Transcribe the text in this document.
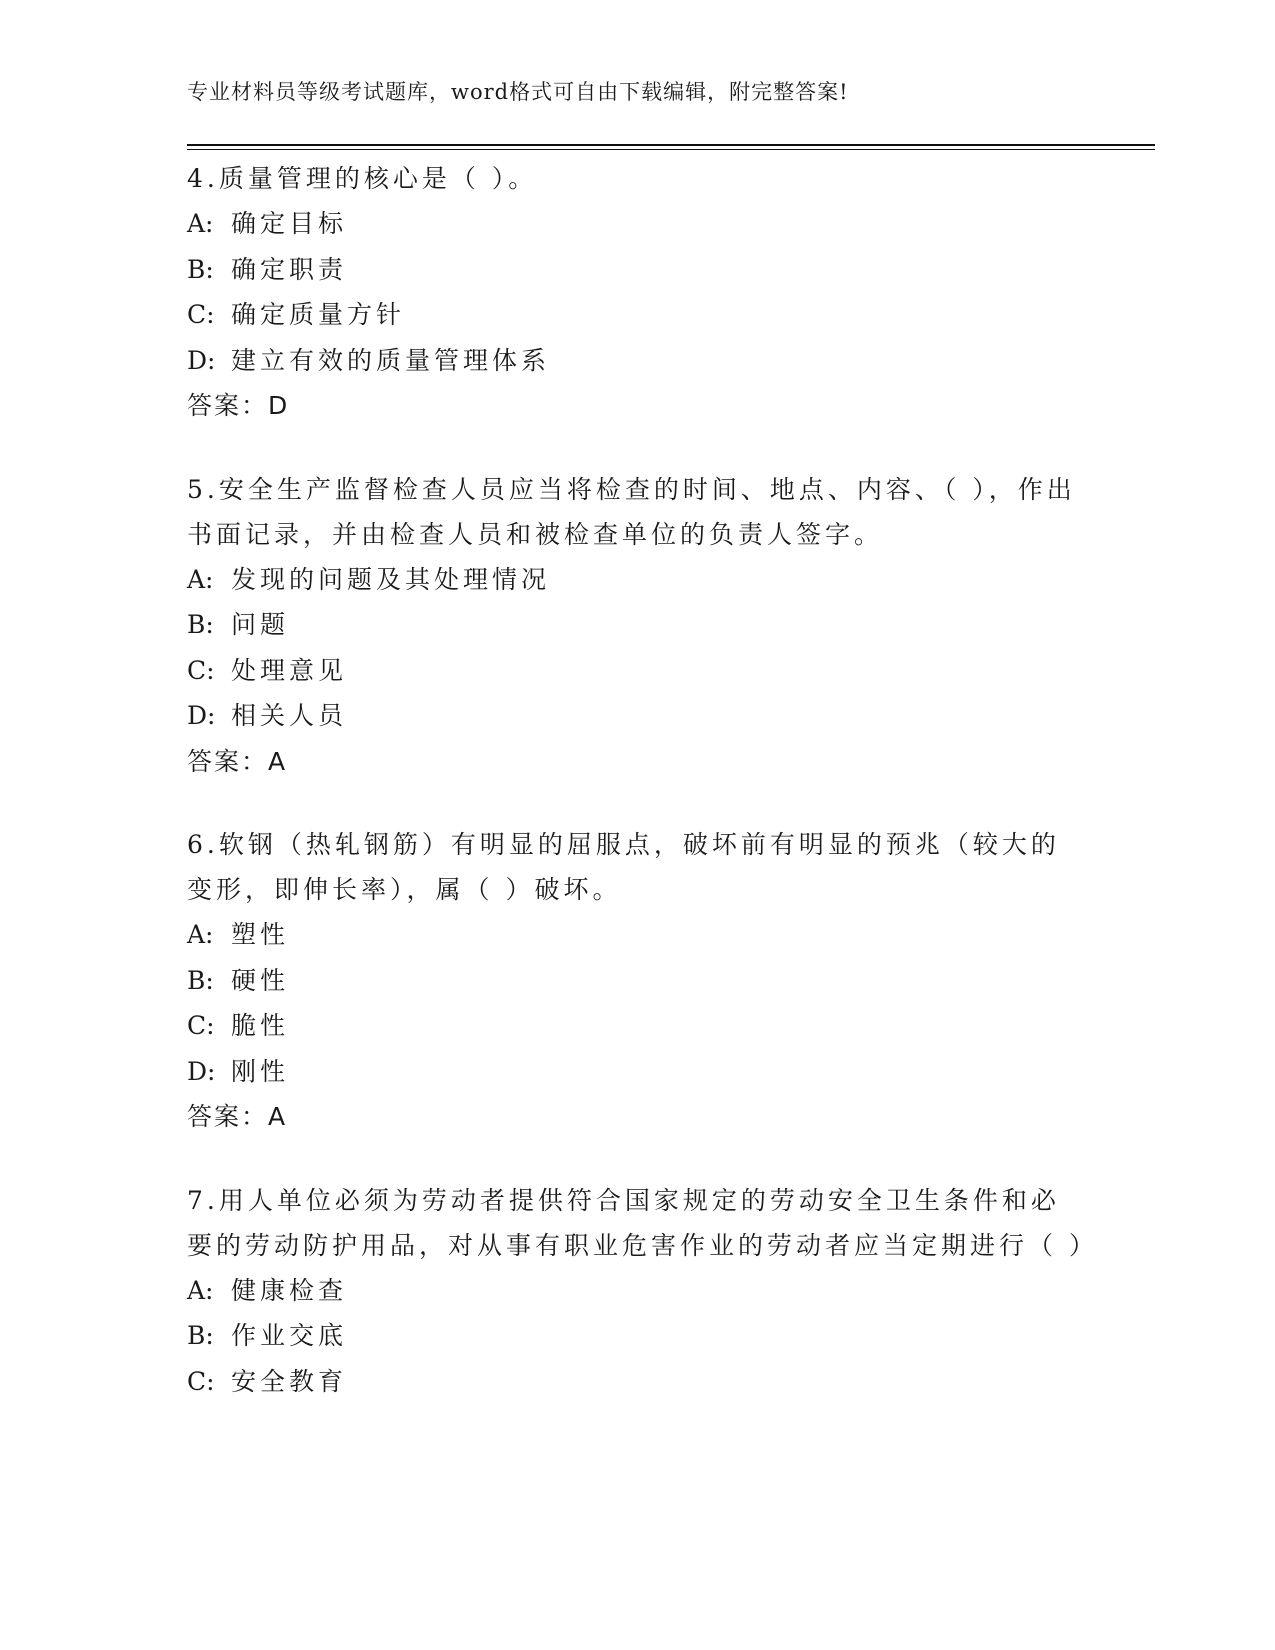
专业材料员等级考试题库，word格式可自由下载编辑，附完整答案!

4.质量管理的核心是（ ）。

A: 确定目标
B: 确定职责
C: 确定质量方针
D: 建立有效的质量管理体系
答案：D

5.安全生产监督检查人员应当将检查的时间、地点、内容、（ ），作出书面记录，并由检查人员和被检查单位的负责人签字。

A: 发现的问题及其处理情况
B: 问题
C: 处理意见
D: 相关人员
答案：A

6.软钢（热轧钢筋）有明显的屈服点，破坏前有明显的预兆（较大的变形，即伸长率），属（ ）破坏。

A: 塑性
B: 硬性
C: 脆性
D: 刚性
答案：A

7.用人单位必须为劳动者提供符合国家规定的劳动安全卫生条件和必要的劳动防护用品，对从事有职业危害作业的劳动者应当定期进行（ ）

A: 健康检查
B: 作业交底
C: 安全教育
